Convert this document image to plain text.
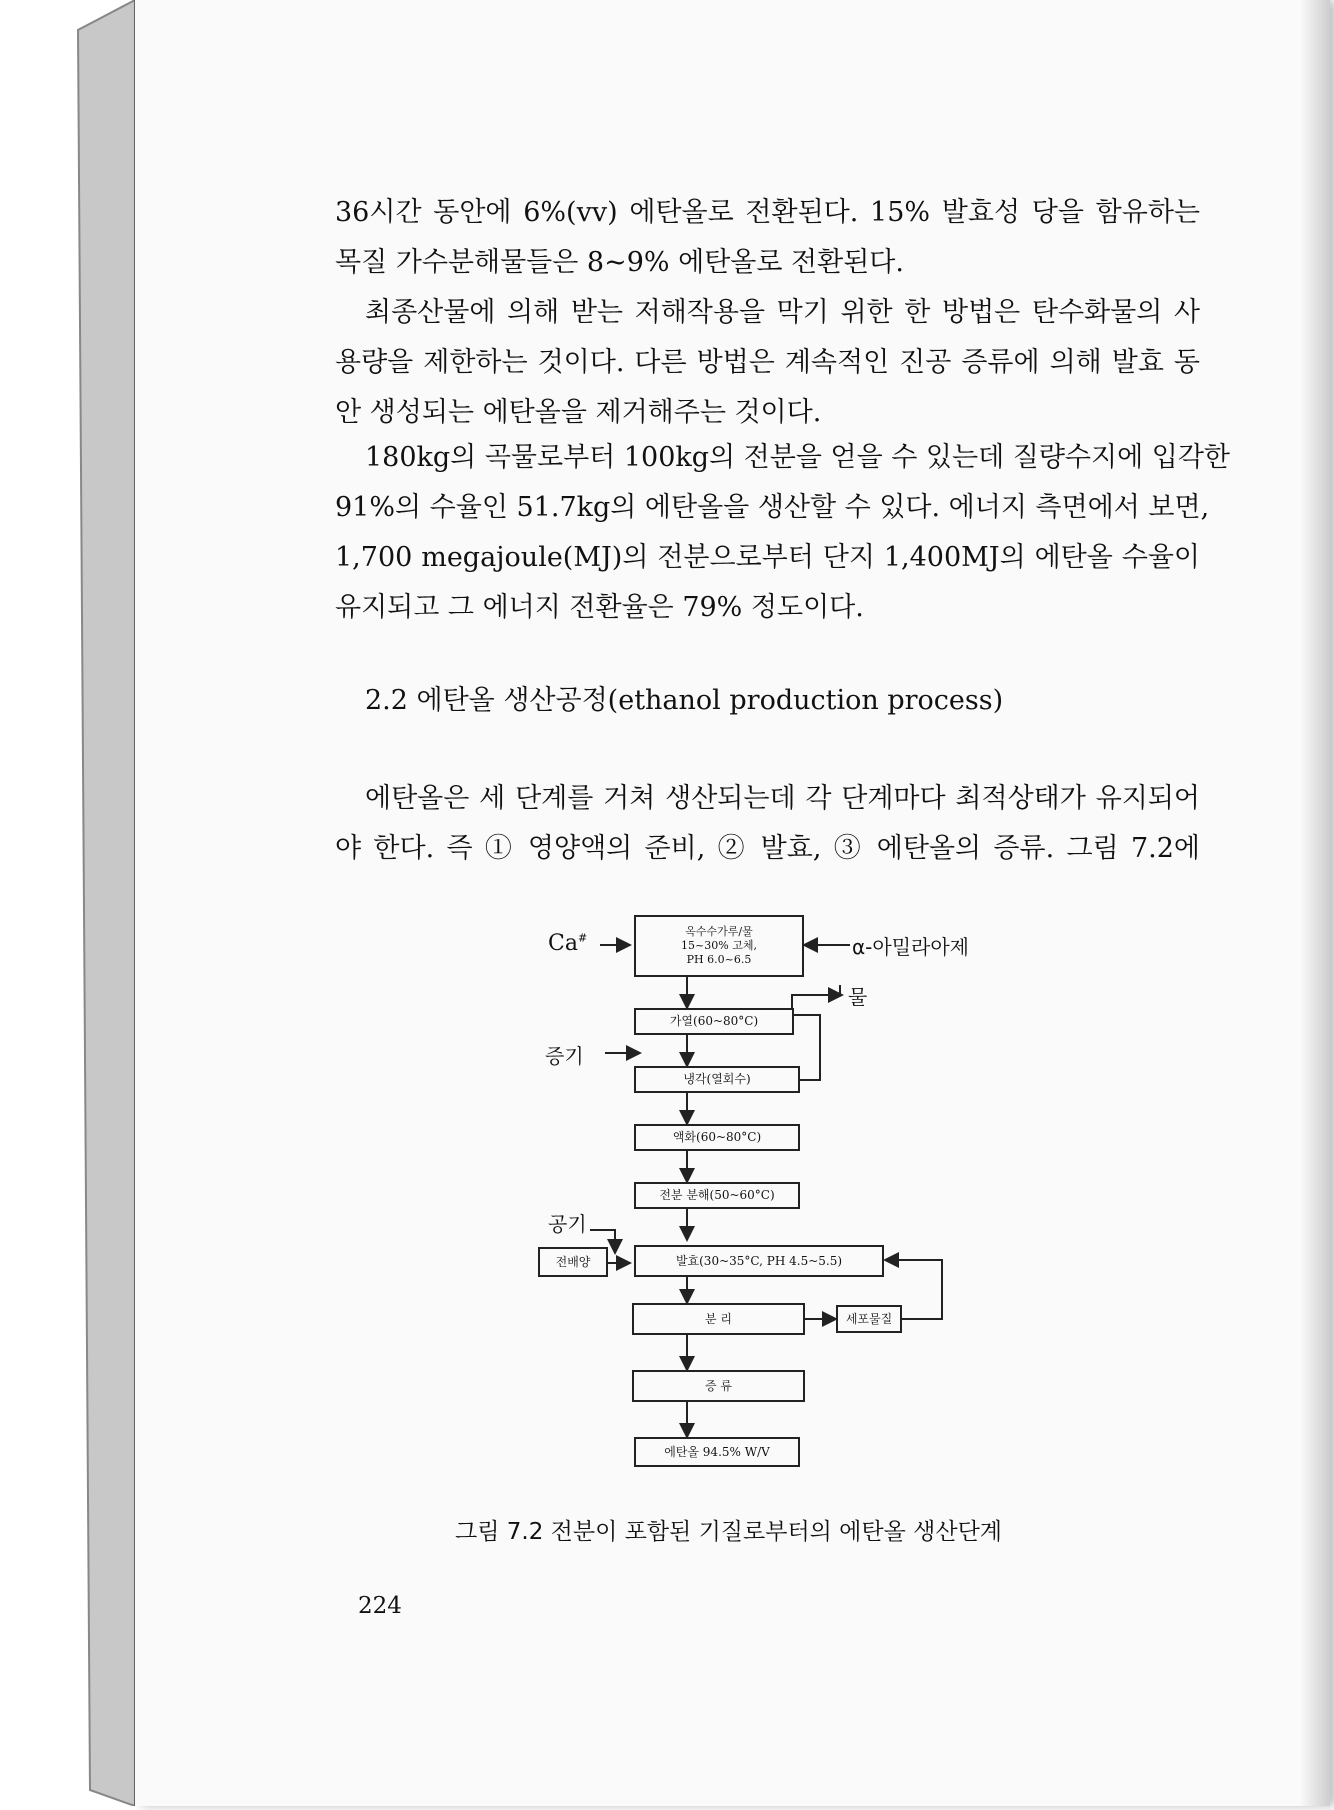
36시간 동안에 6%(vv) 에탄올로 전환된다. 15% 발효성 당을 함유하는
목질 가수분해물들은 8~9% 에탄올로 전환된다.
최종산물에 의해 받는 저해작용을 막기 위한 한 방법은 탄수화물의 사
용량을 제한하는 것이다. 다른 방법은 계속적인 진공 증류에 의해 발효 동
안 생성되는 에탄올을 제거해주는 것이다.
180kg의 곡물로부터 100kg의 전분을 얻을 수 있는데 질량수지에 입각한
91%의 수율인 51.7kg의 에탄올을 생산할 수 있다. 에너지 측면에서 보면,
1,700 megajoule(MJ)의 전분으로부터 단지 1,400MJ의 에탄올 수율이
유지되고 그 에너지 전환율은 79% 정도이다.
2.2 에탄올 생산공정(ethanol production process)
에탄올은 세 단계를 거쳐 생산되는데 각 단계마다 최적상태가 유지되어
야 한다. 즉 ① 영양액의 준비, ② 발효, ③ 에탄올의 증류. 그림 7.2에
Ca#	α-아밀라아제
물
증기
공기
옥수수가루/물
15~30% 고체,
PH 6.0~6.5
가열(60~80°C)
냉각(열회수)
액화(60~80°C)
전분 분해(50~60°C)
발효(30~35°C, PH 4.5~5.5)
분 리
증 류
에탄올 94.5% W/V
전배양
세포물질
그림 7.2 전분이 포함된 기질로부터의 에탄올 생산단계
224
